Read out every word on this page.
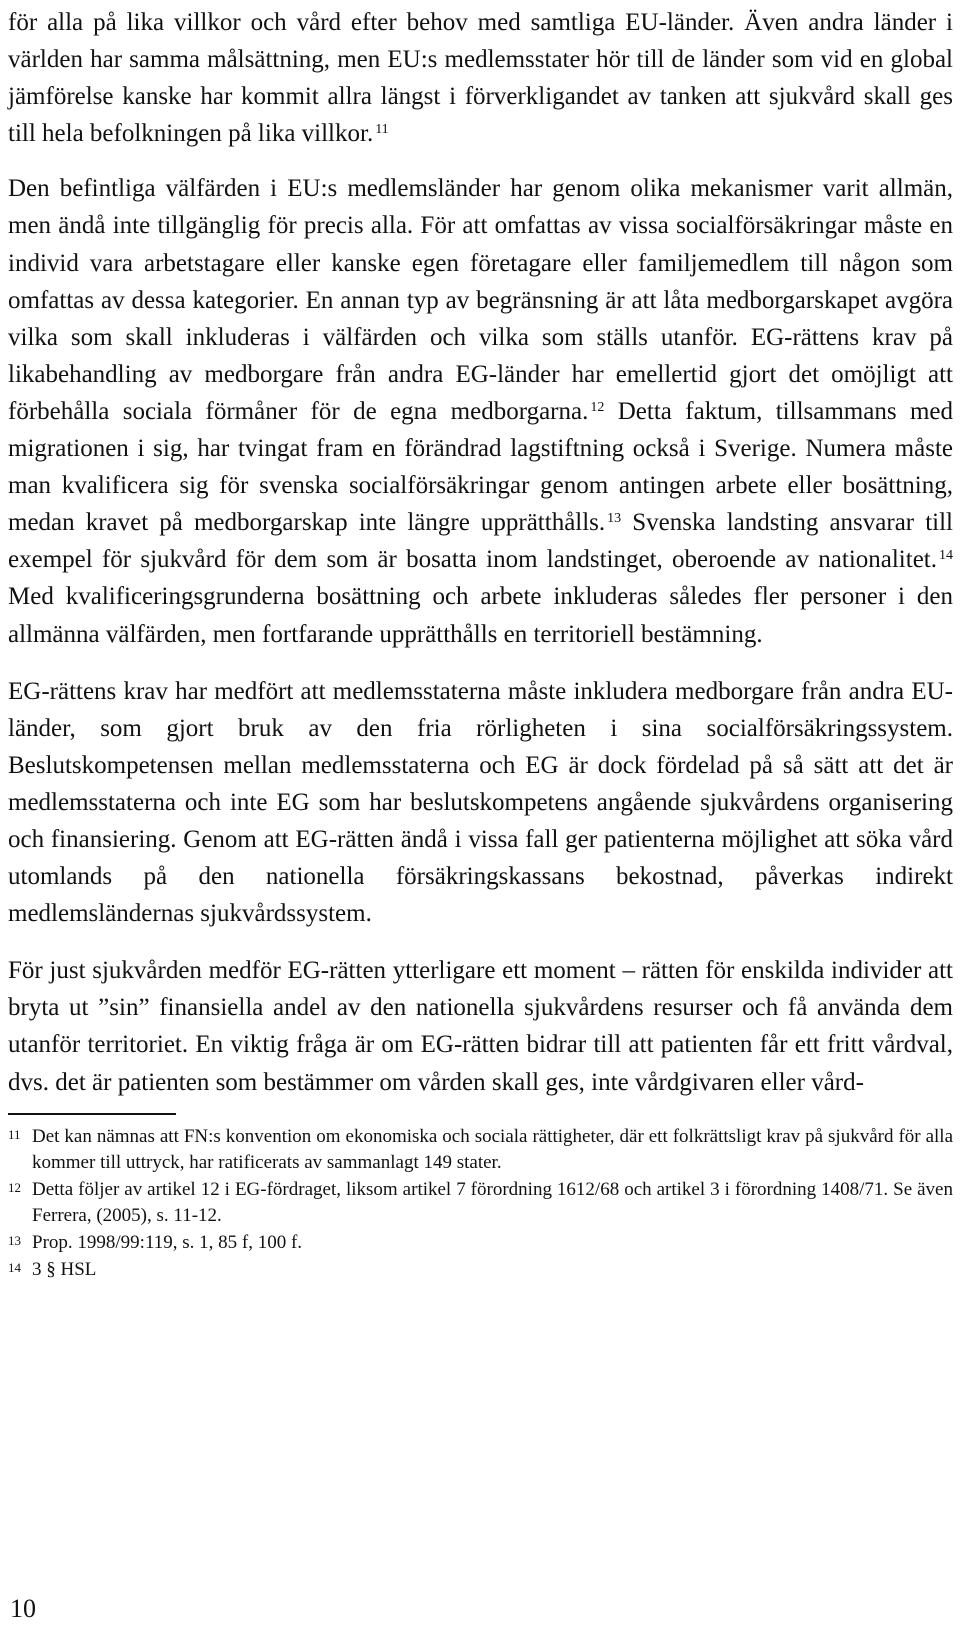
för alla på lika villkor och vård efter behov med samtliga EU-länder. Även andra länder i världen har samma målsättning, men EU:s medlemsstater hör till de länder som vid en global jämförelse kanske har kommit allra längst i förverkligandet av tanken att sjukvård skall ges till hela befolkningen på lika villkor. $^{11}$

Den befintliga välfärden i EU:s medlemsländer har genom olika mekanismer varit allmän, men ändå inte tillgänglig för precis alla. För att omfattas av vissa socialförsäkringar måste en individ vara arbetstagare eller kanske egen företagare eller familjemedlem till någon som omfattas av dessa kategorier. En annan typ av begränsning är att låta medborgarskapet avgöra vilka som skall inkluderas i välfärden och vilka som ställs utanför. EG-rättens krav på likabehandling av medborgare från andra EG-länder har emellertid gjort det omöjligt att förbehålla sociala förmåner för de egna medborgarna. $^{12}$ Detta faktum, tillsammans med migrationen i sig, har tvingat fram en förändrad lagstiftning också i Sverige. Numera måste man kvalificera sig för svenska socialförsäkringar genom antingen arbete eller bosättning, medan kravet på medborgarskap inte längre upprätthålls. $^{13}$ Svenska landsting ansvarar till exempel för sjukvård för dem som är bosatta inom landstinget, oberoende av nationalitet. $^{14}$ Med kvalificeringsgrunderna bosättning och arbete inkluderas således fler personer i den allmänna välfärden, men fortfarande upprätthålls en territoriell bestämning.

EG-rättens krav har medfört att medlemsstaterna måste inkludera medborgare från andra EU-länder, som gjort bruk av den fria rörligheten i sina socialförsäkringssystem. Beslutskompetensen mellan medlemsstaterna och EG är dock fördelad på så sätt att det är medlemsstaterna och inte EG som har beslutskompetens angående sjukvårdens organisering och finansiering. Genom att EG-rätten ändå i vissa fall ger patienterna möjlighet att söka vård utomlands på den nationella försäkringskassans bekostnad, påverkas indirekt medlemsländernas sjukvårdssystem.

För just sjukvården medför EG-rätten ytterligare ett moment – rätten för enskilda individer att bryta ut ”sin” finansiella andel av den nationella sjukvårdens resurser och få använda dem utanför territoriet. En viktig fråga är om EG-rätten bidrar till att patienten får ett fritt vårdval, dvs. det är patienten som bestämmer om vården skall ges, inte vårdgivaren eller vård-

11 Det kan nämnas att FN:s konvention om ekonomiska och sociala rättigheter, där ett folkrättsligt krav på sjukvård för alla kommer till uttryck, har ratificerats av sammanlagt 149 stater.
12 Detta följer av artikel 12 i EG-fördraget, liksom artikel 7 förordning 1612/68 och artikel 3 i förordning 1408/71. Se även Ferrera, (2005), s. 11-12.
13 Prop. 1998/99:119, s. 1, 85 f, 100 f.
14 3 § HSL
10
